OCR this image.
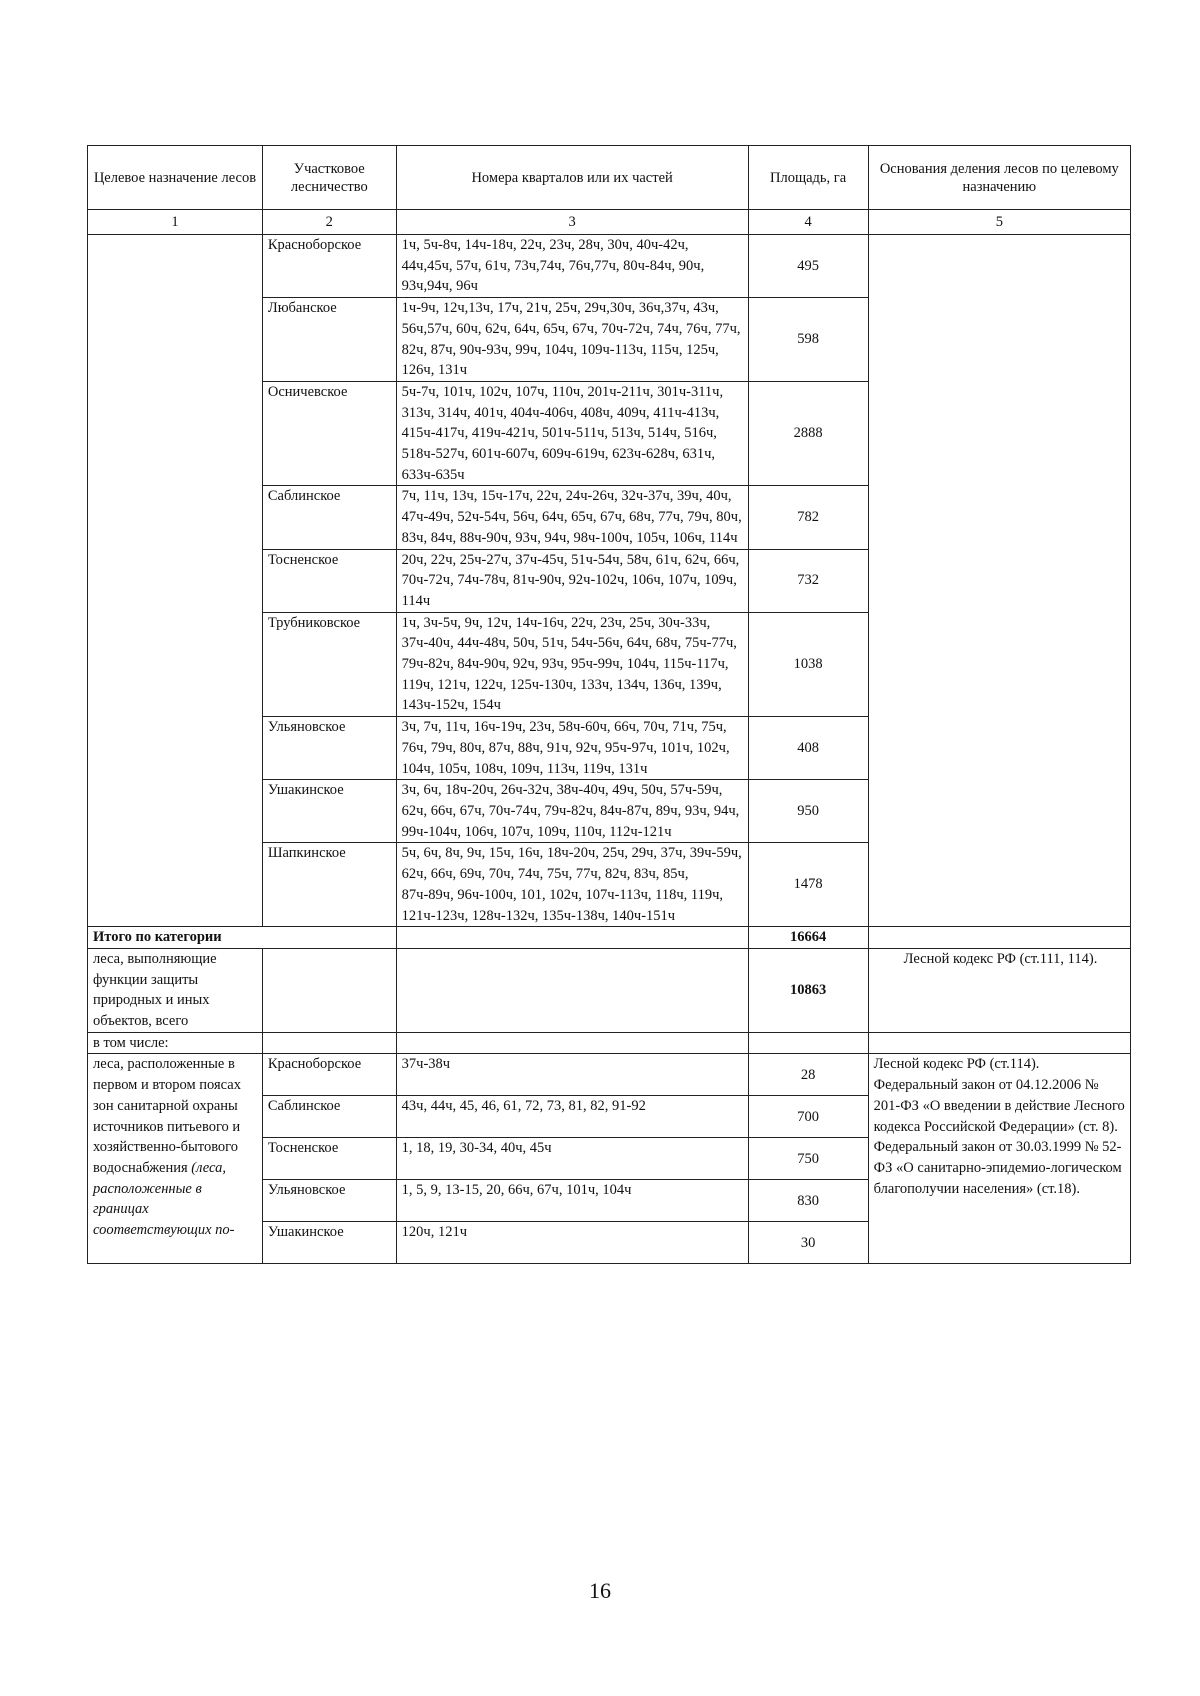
Целевое назначение лесов	Участковое лесничество	Номера кварталов или их частей	Площадь, га	Основания деления лесов по целевому назначению
1	2	3	4	5
	Красноборское	1ч, 5ч-8ч, 14ч-18ч, 22ч, 23ч, 28ч, 30ч, 40ч-42ч, 44ч,45ч, 57ч, 61ч, 73ч,74ч, 76ч,77ч, 80ч-84ч, 90ч, 93ч,94ч, 96ч	495	
	Любанское	1ч-9ч, 12ч,13ч, 17ч, 21ч, 25ч, 29ч,30ч, 36ч,37ч, 43ч, 56ч,57ч, 60ч, 62ч, 64ч, 65ч, 67ч, 70ч-72ч, 74ч, 76ч, 77ч, 82ч, 87ч, 90ч-93ч, 99ч, 104ч, 109ч-113ч, 115ч, 125ч, 126ч, 131ч	598	
	Осничевское	5ч-7ч, 101ч, 102ч, 107ч, 110ч, 201ч-211ч, 301ч-311ч, 313ч, 314ч, 401ч, 404ч-406ч, 408ч, 409ч, 411ч-413ч, 415ч-417ч, 419ч-421ч, 501ч-511ч, 513ч, 514ч, 516ч, 518ч-527ч, 601ч-607ч, 609ч-619ч, 623ч-628ч, 631ч, 633ч-635ч	2888	
	Саблинское	7ч, 11ч, 13ч, 15ч-17ч, 22ч, 24ч-26ч, 32ч-37ч, 39ч, 40ч, 47ч-49ч, 52ч-54ч, 56ч, 64ч, 65ч, 67ч, 68ч, 77ч, 79ч, 80ч, 83ч, 84ч, 88ч-90ч, 93ч, 94ч, 98ч-100ч, 105ч, 106ч, 114ч	782	
	Тосненское	20ч, 22ч, 25ч-27ч, 37ч-45ч, 51ч-54ч, 58ч, 61ч, 62ч, 66ч, 70ч-72ч, 74ч-78ч, 81ч-90ч, 92ч-102ч, 106ч, 107ч, 109ч, 114ч	732	
	Трубниковское	1ч, 3ч-5ч, 9ч, 12ч, 14ч-16ч, 22ч, 23ч, 25ч, 30ч-33ч, 37ч-40ч, 44ч-48ч, 50ч, 51ч, 54ч-56ч, 64ч, 68ч, 75ч-77ч, 79ч-82ч, 84ч-90ч, 92ч, 93ч, 95ч-99ч, 104ч, 115ч-117ч, 119ч, 121ч, 122ч, 125ч-130ч, 133ч, 134ч, 136ч, 139ч, 143ч-152ч, 154ч	1038	
	Ульяновское	3ч, 7ч, 11ч, 16ч-19ч, 23ч, 58ч-60ч, 66ч, 70ч, 71ч, 75ч, 76ч, 79ч, 80ч, 87ч, 88ч, 91ч, 92ч, 95ч-97ч, 101ч, 102ч, 104ч, 105ч, 108ч, 109ч, 113ч, 119ч, 131ч	408	
	Ушакинское	3ч, 6ч, 18ч-20ч, 26ч-32ч, 38ч-40ч, 49ч, 50ч, 57ч-59ч, 62ч, 66ч, 67ч, 70ч-74ч, 79ч-82ч, 84ч-87ч, 89ч, 93ч, 94ч, 99ч-104ч, 106ч, 107ч, 109ч, 110ч, 112ч-121ч	950	
	Шапкинское	5ч, 6ч, 8ч, 9ч, 15ч, 16ч, 18ч-20ч, 25ч, 29ч, 37ч, 39ч-59ч, 62ч, 66ч, 69ч, 70ч, 74ч, 75ч, 77ч, 82ч, 83ч, 85ч, 87ч-89ч, 96ч-100ч, 101, 102ч, 107ч-113ч, 118ч, 119ч, 121ч-123ч, 128ч-132ч, 135ч-138ч, 140ч-151ч	1478	
Итого по категории			16664	
леса, выполняющие функции защиты природных и иных объектов, всего			10863	Лесной кодекс РФ (ст.111, 114).
в том числе:				
леса, расположенные в первом и втором поясах зон санитарной охраны источников питьевого и хозяйственно-бытового водоснабжения (леса, расположенные в границах соответствующих по-	Красноборское	37ч-38ч	28	Лесной кодекс РФ (ст.114). Федеральный закон от 04.12.2006 № 201-ФЗ «О введении в действие Лесного кодекса Российской Федерации» (ст. 8). Федеральный закон от 30.03.1999 № 52-ФЗ «О санитарно-эпидемио-логическом благополучии населения» (ст.18).
	Саблинское	43ч, 44ч, 45, 46, 61, 72, 73, 81, 82, 91-92	700	
	Тосненское	1, 18, 19, 30-34, 40ч, 45ч	750	
	Ульяновское	1, 5, 9, 13-15, 20, 66ч, 67ч, 101ч, 104ч	830	
	Ушакинское	120ч, 121ч	30	
16
